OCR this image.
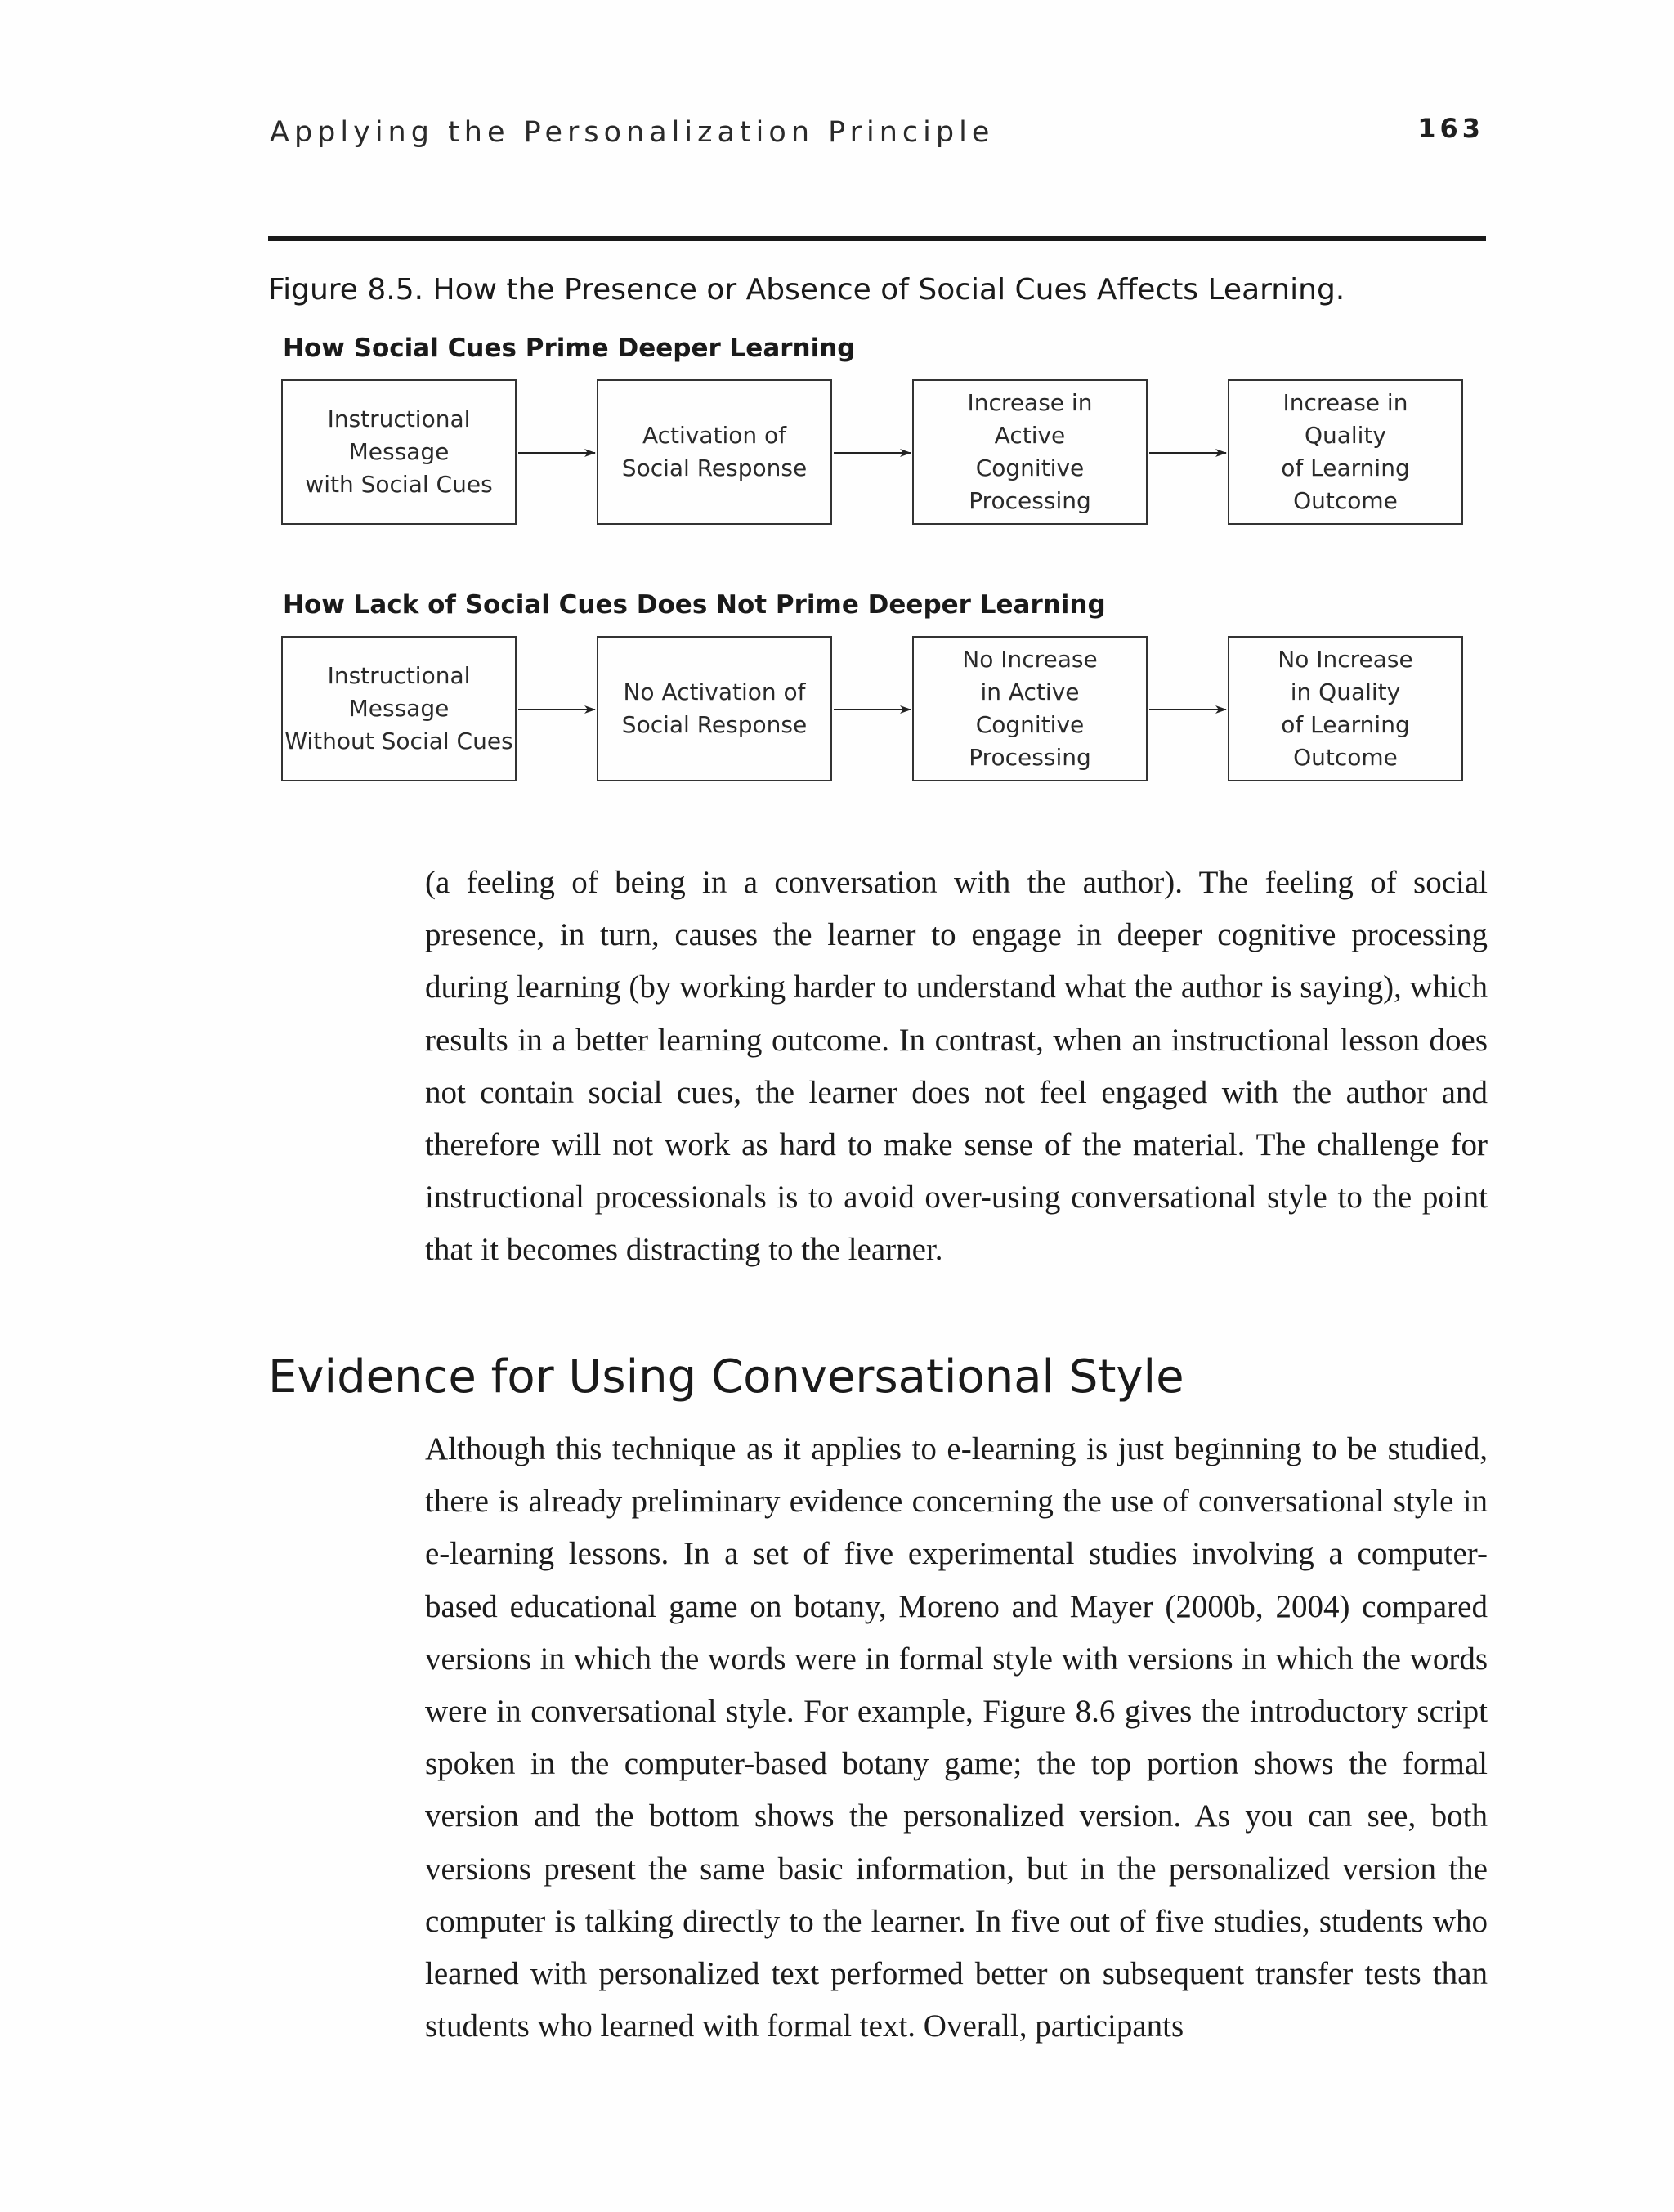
Applying the Personalization Principle	163
Figure 8.5. How the Presence or Absence of Social Cues Affects Learning.
How Social Cues Prime Deeper Learning
Instructional
Message
with Social Cues
Activation of
Social Response
Increase in
Active
Cognitive
Processing
Increase in
Quality
of Learning
Outcome
How Lack of Social Cues Does Not Prime Deeper Learning
Instructional
Message
Without Social Cues
No Activation of
Social Response
No Increase
in Active
Cognitive
Processing
No Increase
in Quality
of Learning
Outcome
(a feeling of being in a conversation with the author). The feeling of social presence, in turn, causes the learner to engage in deeper cognitive processing during learning (by working harder to understand what the author is saying), which results in a better learning outcome. In contrast, when an instructional lesson does not contain social cues, the learner does not feel engaged with the author and therefore will not work as hard to make sense of the material. The challenge for instructional processionals is to avoid over-using conversational style to the point that it becomes distracting to the learner.
Evidence for Using Conversational Style
Although this technique as it applies to e-learning is just beginning to be studied, there is already preliminary evidence concerning the use of conversational style in e-learning lessons. In a set of five experimental studies involving a computer-based educational game on botany, Moreno and Mayer (2000b, 2004) compared versions in which the words were in formal style with versions in which the words were in conversational style. For example, Figure 8.6 gives the introductory script spoken in the computer-based botany game; the top portion shows the formal version and the bottom shows the personalized version. As you can see, both versions present the same basic information, but in the personalized version the computer is talking directly to the learner. In five out of five studies, students who learned with personalized text performed better on subsequent transfer tests than students who learned with formal text. Overall, participants
